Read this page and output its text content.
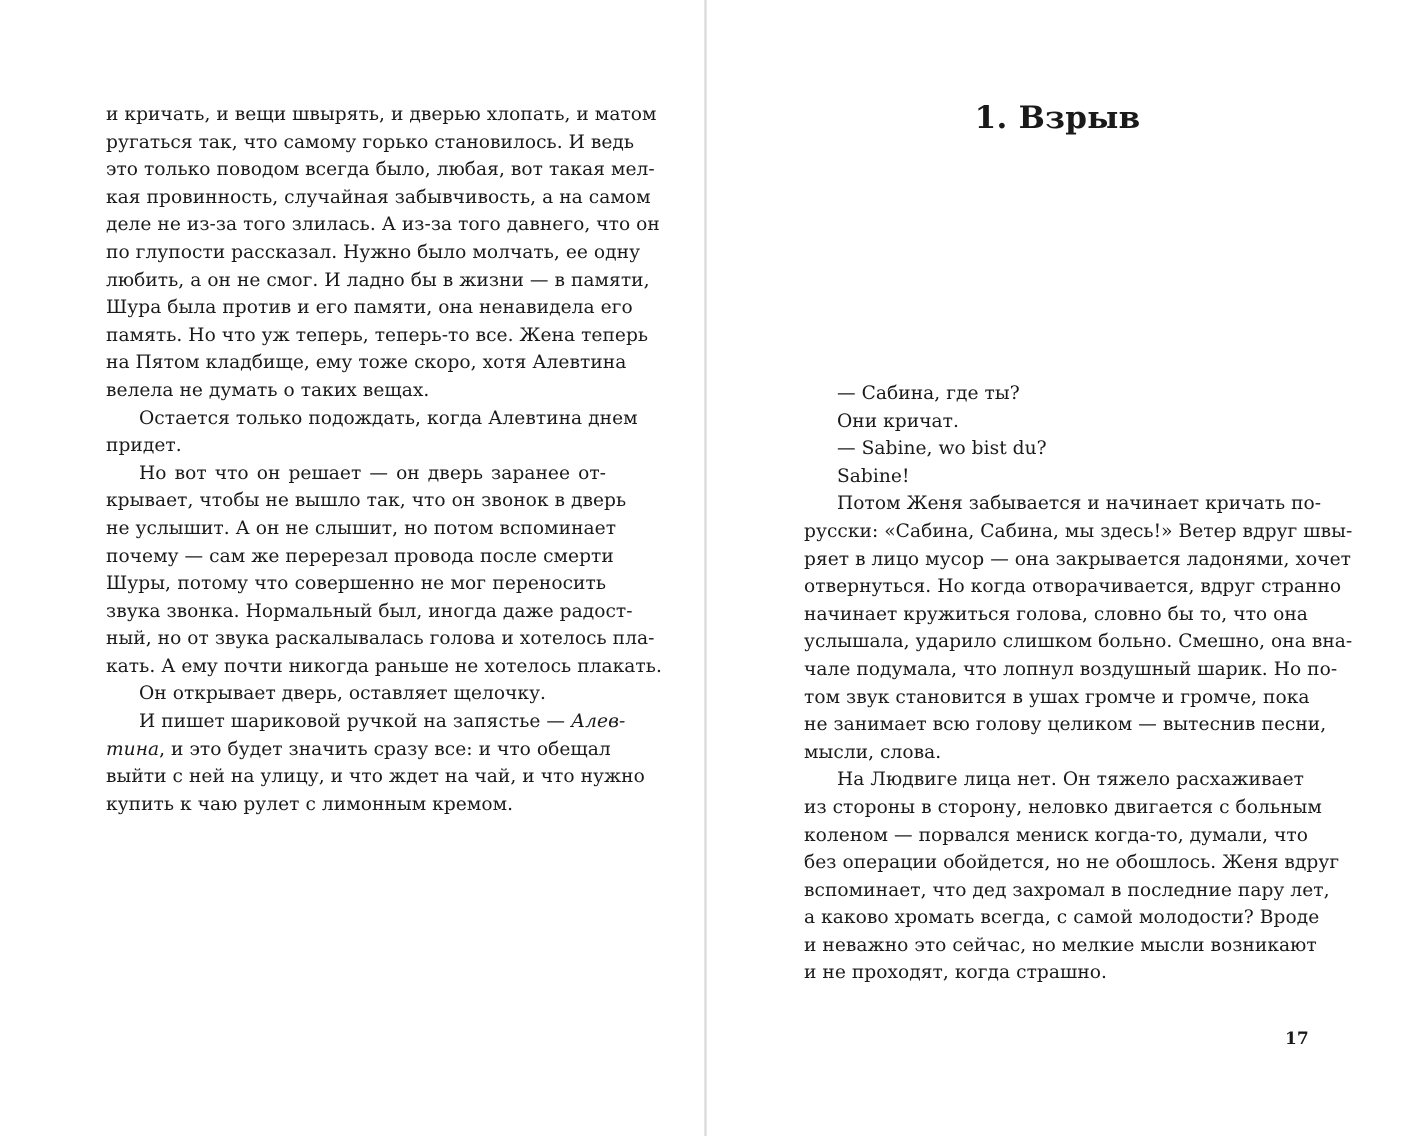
и кричать, и вещи швырять, и дверью хлопать, и матом
ругаться так, что самому горько становилось. И ведь
это только поводом всегда было, любая, вот такая мел-
кая провинность, случайная забывчивость, а на самом
деле не из-за того злилась. А из-за того давнего, что он
по глупости рассказал. Нужно было молчать, ее одну
любить, а он не смог. И ладно бы в жизни — в памяти,
Шура была против и его памяти, она ненавидела его
память. Но что уж теперь, теперь-то все. Жена теперь
на Пятом кладбище, ему тоже скоро, хотя Алевтина
велела не думать о таких вещах.
Остается только подождать, когда Алевтина днем
придет.
Но вот что он решает — он дверь заранее от-
крывает, чтобы не вышло так, что он звонок в дверь
не услышит. А он не слышит, но потом вспоминает
почему — сам же перерезал провода после смерти
Шуры, потому что совершенно не мог переносить
звука звонка. Нормальный был, иногда даже радост-
ный, но от звука раскалывалась голова и хотелось пла-
кать. А ему почти никогда раньше не хотелось плакать.
Он открывает дверь, оставляет щелочку.
И пишет шариковой ручкой на запястье — Алев-
тина, и это будет значить сразу все: и что обещал
выйти с ней на улицу, и что ждет на чай, и что нужно
купить к чаю рулет с лимонным кремом.
1. Взрыв
— Сабина, где ты?
Они кричат.
— Sabine, wo bist du?
Sabine!
Потом Женя забывается и начинает кричать по-
русски: «Сабина, Сабина, мы здесь!» Ветер вдруг швы-
ряет в лицо мусор — она закрывается ладонями, хочет
отвернуться. Но когда отворачивается, вдруг странно
начинает кружиться голова, словно бы то, что она
услышала, ударило слишком больно. Смешно, она вна-
чале подумала, что лопнул воздушный шарик. Но по-
том звук становится в ушах громче и громче, пока
не занимает всю голову целиком — вытеснив песни,
мысли, слова.
На Людвиге лица нет. Он тяжело расхаживает
из стороны в сторону, неловко двигается с больным
коленом — порвался мениск когда-то, думали, что
без операции обойдется, но не обошлось. Женя вдруг
вспоминает, что дед захромал в последние пару лет,
а каково хромать всегда, с самой молодости? Вроде
и неважно это сейчас, но мелкие мысли возникают
и не проходят, когда страшно.
17
